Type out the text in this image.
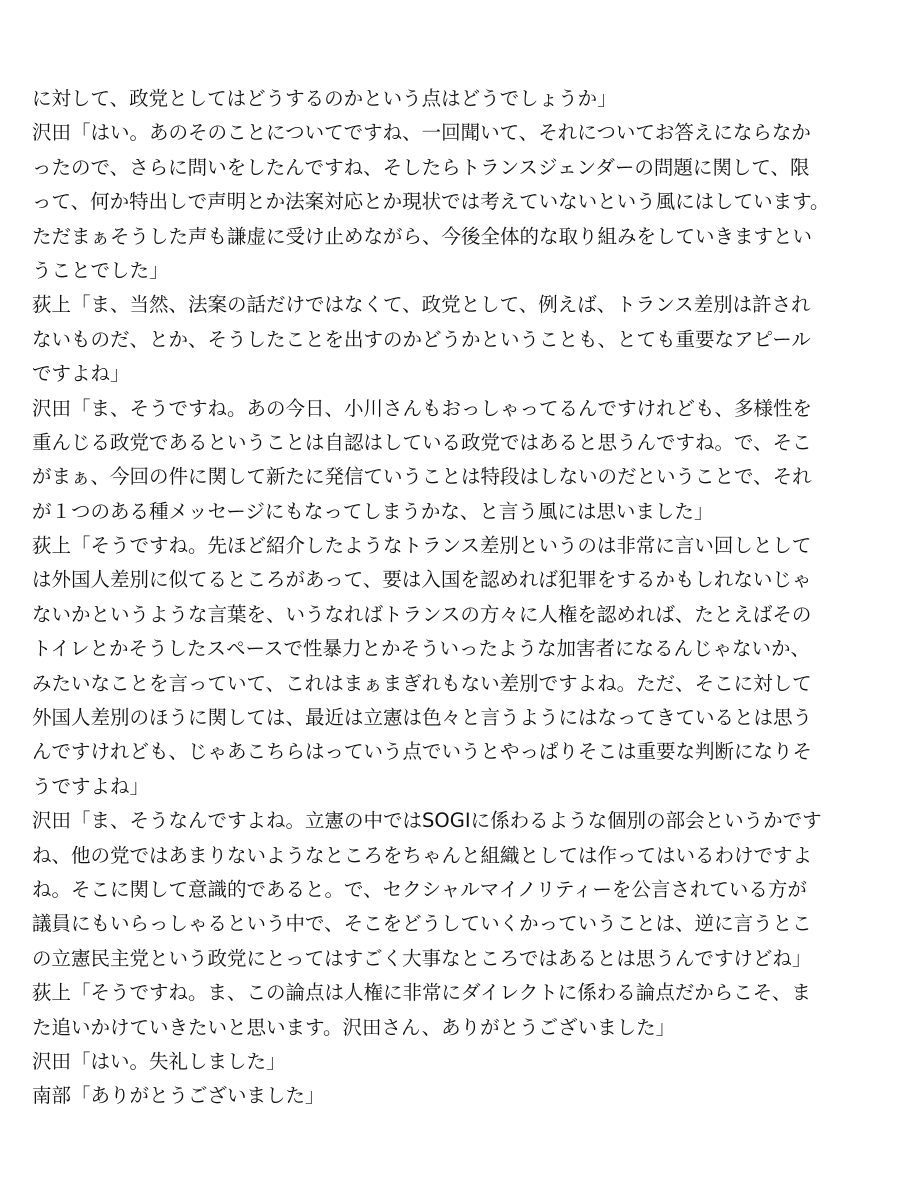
に対して、政党としてはどうするのかという点はどうでしょうか」
沢田「はい。あのそのことについてですね、一回聞いて、それについてお答えにならなか
ったので、さらに問いをしたんですね、そしたらトランスジェンダーの問題に関して、限
って、何か特出しで声明とか法案対応とか現状では考えていないという風にはしています。
ただまぁそうした声も謙虚に受け止めながら、今後全体的な取り組みをしていきますとい
うことでした」
荻上「ま、当然、法案の話だけではなくて、政党として、例えば、トランス差別は許され
ないものだ、とか、そうしたことを出すのかどうかということも、とても重要なアピール
ですよね」
沢田「ま、そうですね。あの今日、小川さんもおっしゃってるんですけれども、多様性を
重んじる政党であるということは自認はしている政党ではあると思うんですね。で、そこ
がまぁ、今回の件に関して新たに発信ていうことは特段はしないのだということで、それ
が１つのある種メッセージにもなってしまうかな、と言う風には思いました」
荻上「そうですね。先ほど紹介したようなトランス差別というのは非常に言い回しとして
は外国人差別に似てるところがあって、要は入国を認めれば犯罪をするかもしれないじゃ
ないかというような言葉を、いうなればトランスの方々に人権を認めれば、たとえばその
トイレとかそうしたスペースで性暴力とかそういったような加害者になるんじゃないか、
みたいなことを言っていて、これはまぁまぎれもない差別ですよね。ただ、そこに対して
外国人差別のほうに関しては、最近は立憲は色々と言うようにはなってきているとは思う
んですけれども、じゃあこちらはっていう点でいうとやっぱりそこは重要な判断になりそ
うですよね」
沢田「ま、そうなんですよね。立憲の中ではSOGIに係わるような個別の部会というかです
ね、他の党ではあまりないようなところをちゃんと組織としては作ってはいるわけですよ
ね。そこに関して意識的であると。で、セクシャルマイノリティーを公言されている方が
議員にもいらっしゃるという中で、そこをどうしていくかっていうことは、逆に言うとこ
の立憲民主党という政党にとってはすごく大事なところではあるとは思うんですけどね」
荻上「そうですね。ま、この論点は人権に非常にダイレクトに係わる論点だからこそ、ま
た追いかけていきたいと思います。沢田さん、ありがとうございました」
沢田「はい。失礼しました」
南部「ありがとうございました」
